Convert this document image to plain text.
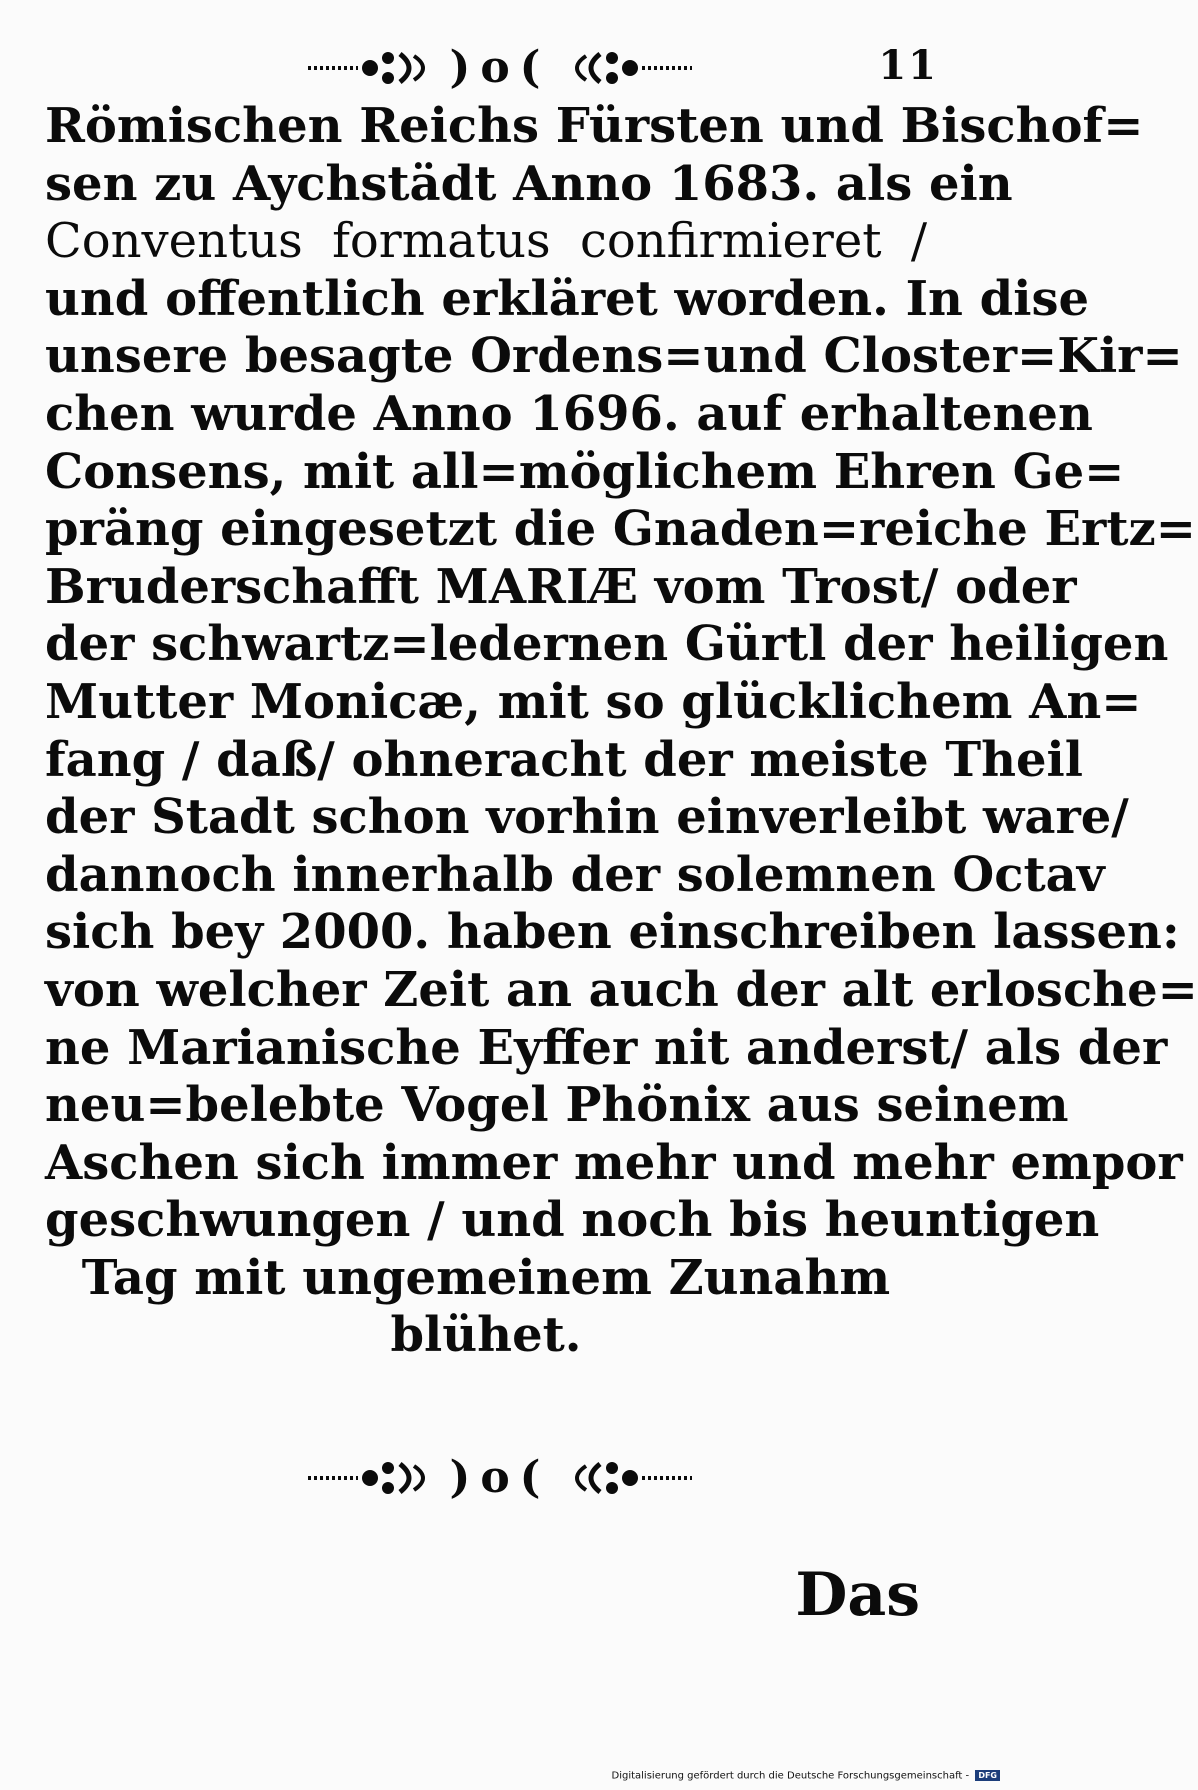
)o(	11
Römischen Reichs Fürsten und Bischof=
sen zu Aychstädt Anno 1683. als ein
Conventus formatus confirmieret /
und offentlich erkläret worden. In dise
unsere besagte Ordens=und Closter=Kir=
chen wurde Anno 1696. auf erhaltenen
Consens, mit all=möglichem Ehren Ge=
präng eingesetzt die Gnaden=reiche Ertz=
Bruderschafft MARIÆ vom Trost/ oder
der schwartz=ledernen Gürtl der heiligen
Mutter Monicæ, mit so glücklichem An=
fang / daß/ ohneracht der meiste Theil
der Stadt schon vorhin einverleibt ware/
dannoch innerhalb der solemnen Octav
sich bey 2000. haben einschreiben lassen:
von welcher Zeit an auch der alt erlosche=
ne Marianische Eyffer nit anderst/ als der
neu=belebte Vogel Phönix aus seinem
Aschen sich immer mehr und mehr empor
geschwungen / und noch bis heuntigen
Tag mit ungemeinem Zunahm
blühet.
)o(
Das
Digitalisierung gefördert durch die Deutsche Forschungsgemeinschaft - DFG
